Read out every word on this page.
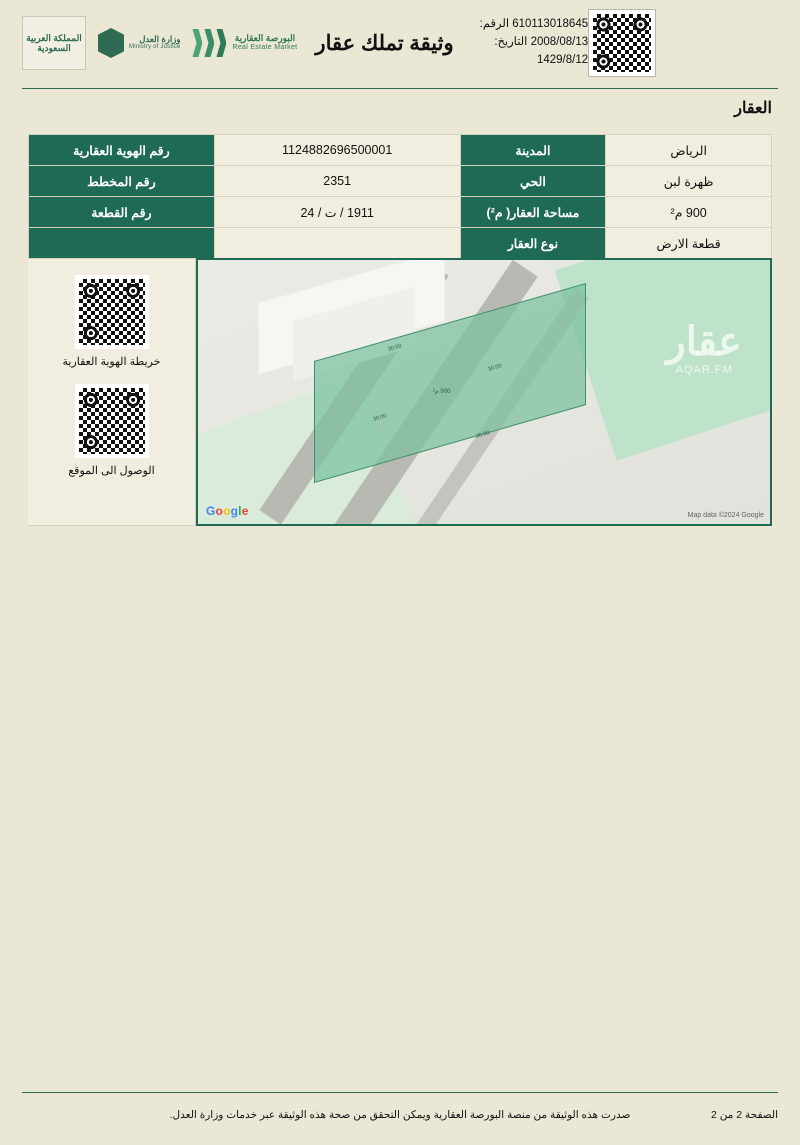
المملكة العربية السعودية
وزارة العدل
Ministry of Justice
البورصة العقارية
Real Estate Market وثيقة تملك عقار
610113018645 الرقم:
2008/08/13 التاريخ:
1429/8/12
العقار
الرياض	المدينة	1124882696500001	رقم الهوية العقارية
ظهرة لبن	الحي	2351	رقم المخطط
900 م²	مساحة العقار( م²)	1911 / ت / 24	رقم القطعة
قطعة الارض	نوع العقار		
خريطة الهوية العقارية
الوصول الى الموقع
900 م²
30.00
30.00
30.00
30.00
عقار
AQAR.FM
Google	Map data ©2024 Google
صدرت هذه الوثيقة من منصة البورصة العقارية ويمكن التحقق من صحة هذه الوثيقة عبر خدمات وزارة العدل.	الصفحة 2 من 2
